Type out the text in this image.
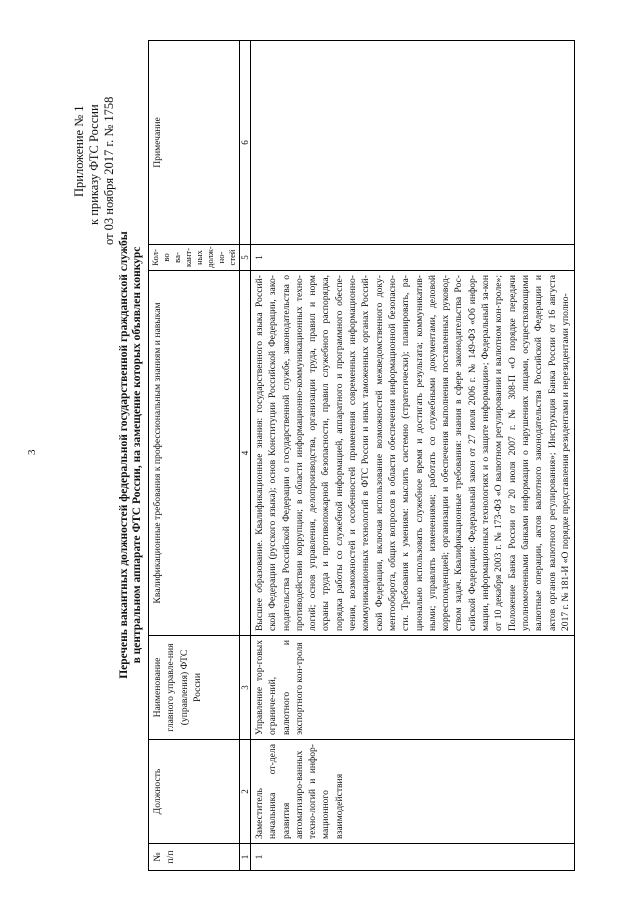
3
Приложение № 1 к приказу ФТС России от 03 ноября 2017 г. № 1758
Перечень вакантных должностей федеральной государственной гражданской службы в центральном аппарате ФТС России, на замещение которых объявлен конкурс
№ п/п	Должность	Наименование главного управле-ния (управления) ФТС России	Квалификационные требования к профессиональным знаниям и навыкам	Кол-во ва-кант-ных долж-но-стей	Примечание
1	2	3	4	5	6
1	Заместитель начальника от-дела развития автоматизиро-ванных техно-логий и инфор-мационного взаимодействия	Управление тор-говых ограниче-ний, валютного и экспортного кон-троля	Высшее образование. Квалификационные знания: государственного языка Россий-ской Федерации (русского языка); основ Конституции Российской Федерации, зако-нодательства Российской Федерации о государственной службе, законодательства о противодействии коррупции; в области информационно-коммуникационных техно-логий; основ управления, делопроизводства, организации труда, правил и норм охраны труда и противопожарной безопасности, правил служебного распорядка, порядка работы со служебной информацией, аппаратного и программного обеспе-чения, возможностей и особенностей применения современных информационно-коммуникационных технологий в ФТС России и иных таможенных органах Россий-ской Федерации, включая использование возможностей межведомственного доку-ментооборота, общих вопросов в области обеспечения информационной безопасно-сти. Требования к умениям: мыслить системно (стратегически); планировать, ра-ционально использовать служебное время и достигать результата; коммуникатив-ными; управлять изменениями; работать со служебными документами, деловой корреспонденцией; организации и обеспечения выполнения поставленных руковод-ством задач. Квалификационные требования: знания в сфере законодательства Рос-сийской Федерации: Федеральный закон от 27 июля 2006 г. № 149-ФЗ «Об инфор-мации, информационных технологиях и о защите информации»; Федеральный за-кон от 10 декабря 2003 г. № 173-ФЗ «О валютном регулировании и валютном кон-троле»; Положение Банка России от 20 июля 2007 г. № 308-П «О порядке передачи уполномоченными банками информации о нарушениях лицами, осуществляющими валютные операции, актов валютного законодательства Российской Федерации и актов органов валютного регулирования»; Инструкция Банка России от 16 августа 2017 г. № 181-И «О порядке представления резидентами и нерезидентами уполно-	1	
